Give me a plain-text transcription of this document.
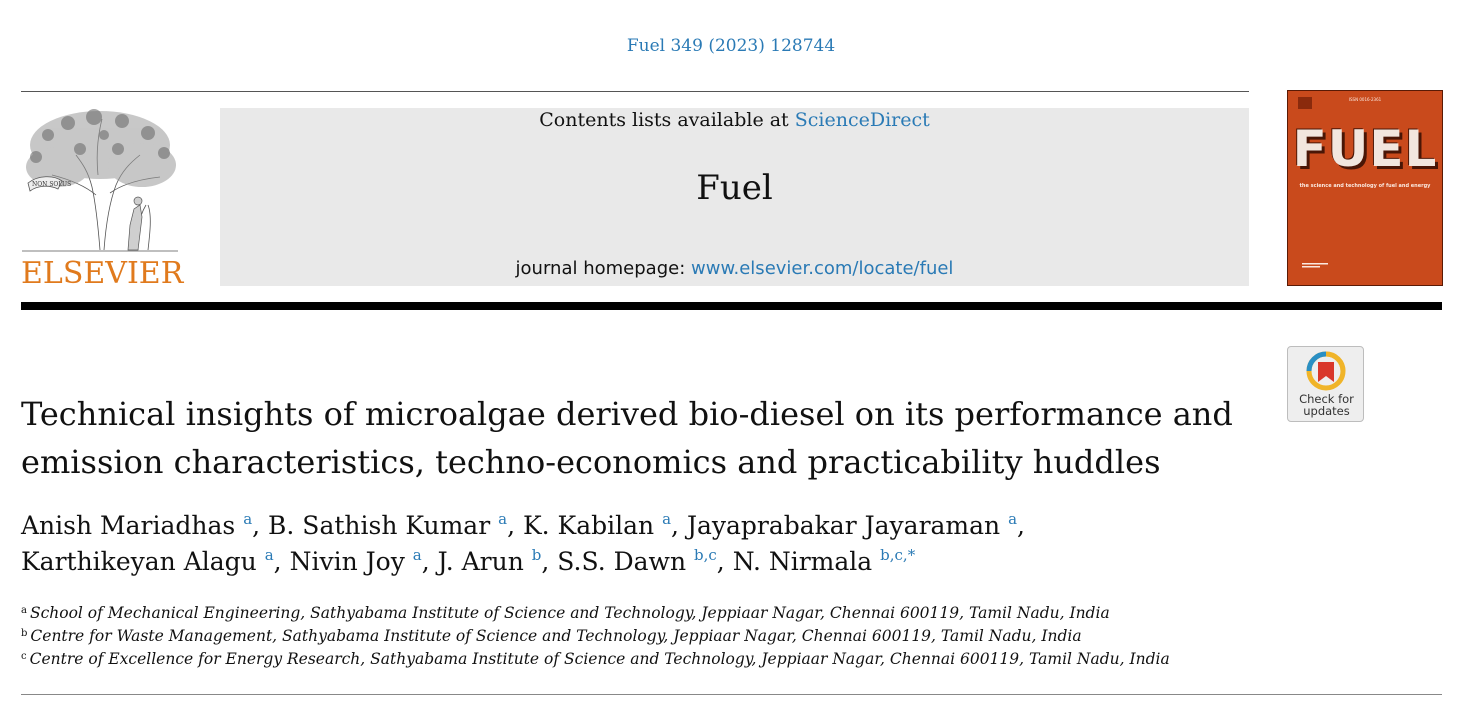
Fuel 349 (2023) 128744
NON SOLUS
ELSEVIER
Contents lists available at ScienceDirect
Fuel
journal homepage: www.elsevier.com/locate/fuel
ISSN 0016-2361
FUEL
the science and technology of fuel and energy
Check for
updates
Technical insights of microalgae derived bio-diesel on its performance and
emission characteristics, techno-economics and practicability huddles
Anish Mariadhas $^a$, B. Sathish Kumar $^a$, K. Kabilan $^a$, Jayaprabakar Jayaraman $^a$,
Karthikeyan Alagu $^a$, Nivin Joy $^a$, J. Arun $^b$, S.S. Dawn $^{b,c}$, N. Nirmala $^{b,c,*}$
$^a$ School of Mechanical Engineering, Sathyabama Institute of Science and Technology, Jeppiaar Nagar, Chennai 600119, Tamil Nadu, India
$^b$ Centre for Waste Management, Sathyabama Institute of Science and Technology, Jeppiaar Nagar, Chennai 600119, Tamil Nadu, India
$^c$ Centre of Excellence for Energy Research, Sathyabama Institute of Science and Technology, Jeppiaar Nagar, Chennai 600119, Tamil Nadu, India
